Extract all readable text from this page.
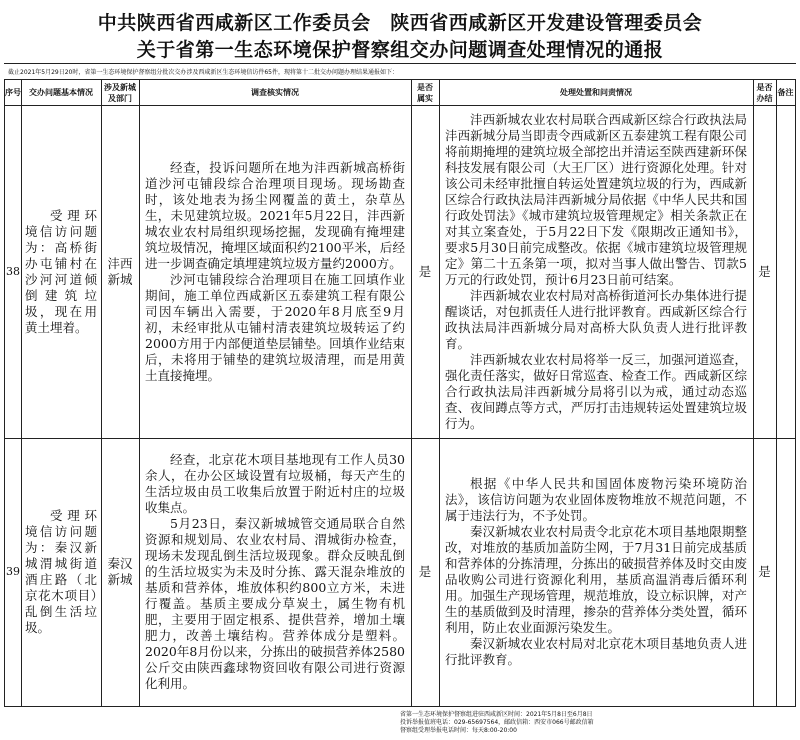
中共陕西省西咸新区工作委员会　陕西省西咸新区开发建设管理委员会
关于省第一生态环境保护督察组交办问题调查处理情况的通报
截止2021年5月29日20时，省第一生态环境保护督察组分批次交办涉及西咸新区生态环境信访件65件，现将第十二批交办问题办理结果通报如下：
序号	交办问题基本情况
涉及新城及部门
调查核实情况
是否属实
处理处置和问责情况
是否办结
备注
38

受理环境信访问题为：高桥街办屯铺村在沙河河道倾倒建筑垃圾，现在用黄土埋着。

沣西新城

经查，投诉问题所在地为沣西新城高桥街道沙河屯铺段综合治理项目现场。现场勘查时，该处地表为扬尘网覆盖的黄土，杂草丛生，未见建筑垃圾。2021年5月22日，沣西新城农业农村局组织现场挖掘，发现确有掩埋建筑垃圾情况，掩埋区域面积约2100平米，后经进一步调查确定填埋建筑垃圾方量约2000方。

沙河屯铺段综合治理项目在施工回填作业期间，施工单位西咸新区五泰建筑工程有限公司因车辆出入需要，于2020年8月底至9月初，未经审批从屯铺村清表建筑垃圾转运了约2000方用于内部便道垫层铺垫。回填作业结束后，未将用于铺垫的建筑垃圾清理，而是用黄土直接掩埋。

是

沣西新城农业农村局联合西咸新区综合行政执法局沣西新城分局当即责令西咸新区五泰建筑工程有限公司将前期掩埋的建筑垃圾全部挖出并清运至陕西建新环保科技发展有限公司（大王厂区）进行资源化处理。针对该公司未经审批擅自转运处置建筑垃圾的行为，西咸新区综合行政执法局沣西新城分局依据《中华人民共和国行政处罚法》《城市建筑垃圾管理规定》相关条款正在对其立案查处，于5月22日下发《限期改正通知书》，要求5月30日前完成整改。依据《城市建筑垃圾管理规定》第二十五条第一项，拟对当事人做出警告、罚款5万元的行政处罚，预计6月23日前可结案。

沣西新城农业农村局对高桥街道河长办集体进行提醒谈话，对包抓责任人进行批评教育。西咸新区综合行政执法局沣西新城分局对高桥大队负责人进行批评教育。

沣西新城农业农村局将举一反三，加强河道巡查，强化责任落实，做好日常巡查、检查工作。西咸新区综合行政执法局沣西新城分局将引以为戒，通过动态巡查、夜间蹲点等方式，严厉打击违规转运处置建筑垃圾行为。

是
39

受理环境信访问题为：秦汉新城渭城街道酒庄路（北京花木项目）乱倒生活垃圾。

秦汉新城

经查，北京花木项目基地现有工作人员30余人，在办公区域设置有垃圾桶，每天产生的生活垃圾由员工收集后放置于附近村庄的垃圾收集点。

5月23日，秦汉新城城管交通局联合自然资源和规划局、农业农村局、渭城街办检查，现场未发现乱倒生活垃圾现象。群众反映乱倒的生活垃圾实为未及时分拣、露天混杂堆放的基质和营养体，堆放体积约800立方米，未进行覆盖。基质主要成分草炭土，属生物有机肥，主要用于固定根系、提供营养，增加土壤肥力，改善土壤结构。营养体成分是塑料。2020年8月份以来，分拣出的破损营养体2580公斤交由陕西鑫球物资回收有限公司进行资源化利用。

是

根据《中华人民共和国固体废物污染环境防治法》，该信访问题为农业固体废物堆放不规范问题，不属于违法行为，不予处罚。

秦汉新城农业农村局责令北京花木项目基地限期整改，对堆放的基质加盖防尘网，于7月31日前完成基质和营养体的分拣清理，分拣出的破损营养体及时交由废品收购公司进行资源化利用，基质高温消毒后循环利用。加强生产现场管理，规范堆放，设立标识牌，对产生的基质做到及时清理，掺杂的营养体分类处置，循环利用，防止农业面源污染发生。

秦汉新城农业农村局对北京花木项目基地负责人进行批评教育。

是
省第一生态环境保护督察组进驻西咸新区时间：2021年5月8日至6月8日
投诉举报值班电话：029-65697564，邮政信箱：西安市066号邮政信箱
督察组受理举报电话时间：每天8:00-20:00
